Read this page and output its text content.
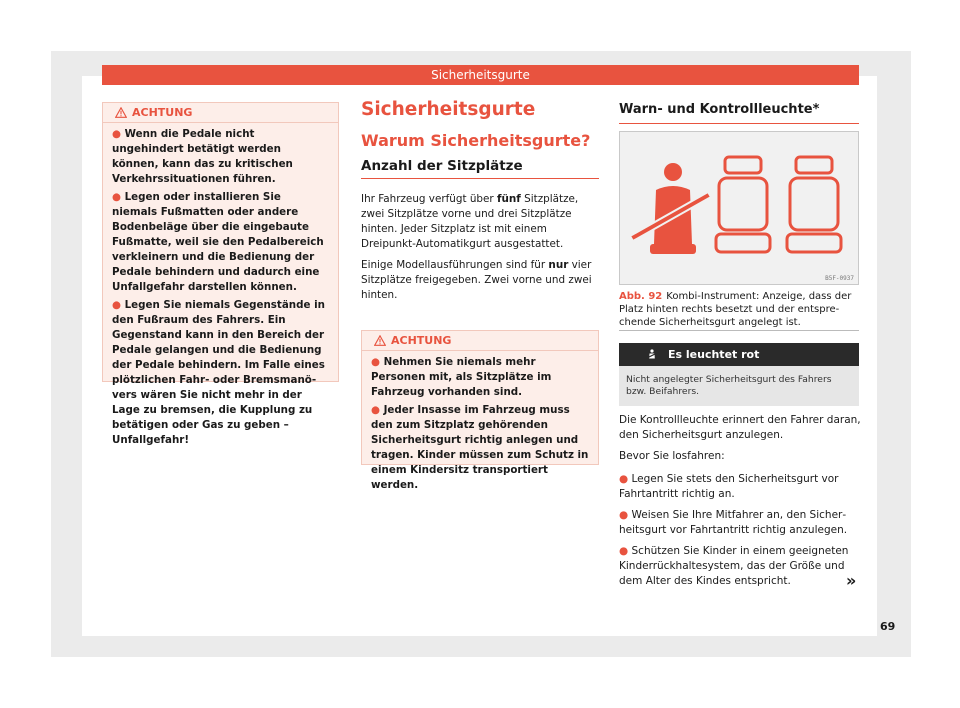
Sicherheitsgurte
ACHTUNG

● Wenn die Pedale nicht ungehindert betätigt werden können, kann das zu kritischen Verkehrssituationen führen.

● Legen oder installieren Sie niemals Fußmatten oder andere Bodenbeläge über die eingebaute Fußmatte, weil sie den Pedalbereich verkleinern und die Bedienung der Pedale behindern und dadurch eine Unfallgefahr darstellen können.

● Legen Sie niemals Gegenstände in den Fußraum des Fahrers. Ein Gegenstand kann in den Bereich der Pedale gelangen und die Bedienung der Pedale behindern. Im Falle eines plötzlichen Fahr- oder Bremsmanövers wären Sie nicht mehr in der Lage zu bremsen, die Kupplung zu betätigen oder Gas zu geben – Unfallgefahr!

Sicherheitsgurte
Warum Sicherheitsgurte?
Anzahl der Sitzplätze

Ihr Fahrzeug verfügt über fünf Sitzplätze, zwei Sitzplätze vorne und drei Sitzplätze hinten. Jeder Sitzplatz ist mit einem Dreipunkt-Automatikgurt ausgestattet.

Einige Modellausführungen sind für nur vier Sitzplätze freigegeben. Zwei vorne und zwei hinten.

ACHTUNG

● Nehmen Sie niemals mehr Personen mit, als Sitzplätze im Fahrzeug vorhanden sind.

● Jeder Insasse im Fahrzeug muss den zum Sitzplatz gehörenden Sicherheitsgurt richtig anlegen und tragen. Kinder müssen zum Schutz in einem Kindersitz transportiert werden.

Warn- und Kontrollleuchte*
B5F-0937
Abb. 92 Kombi-Instrument: Anzeige, dass der Platz hinten rechts besetzt und der entsprechende Sicherheitsgurt angelegt ist.
Es leuchtet rot
Nicht angelegter Sicherheitsgurt des Fahrers bzw. Beifahrers.

Die Kontrollleuchte erinnert den Fahrer daran, den Sicherheitsgurt anzulegen.

Bevor Sie losfahren:

● Legen Sie stets den Sicherheitsgurt vor Fahrtantritt richtig an.

● Weisen Sie Ihre Mitfahrer an, den Sicherheitsgurt vor Fahrtantritt richtig anzulegen.

● Schützen Sie Kinder in einem geeigneten Kinderrückhaltesystem, das der Größe und dem Alter des Kindes entspricht.	»
69
